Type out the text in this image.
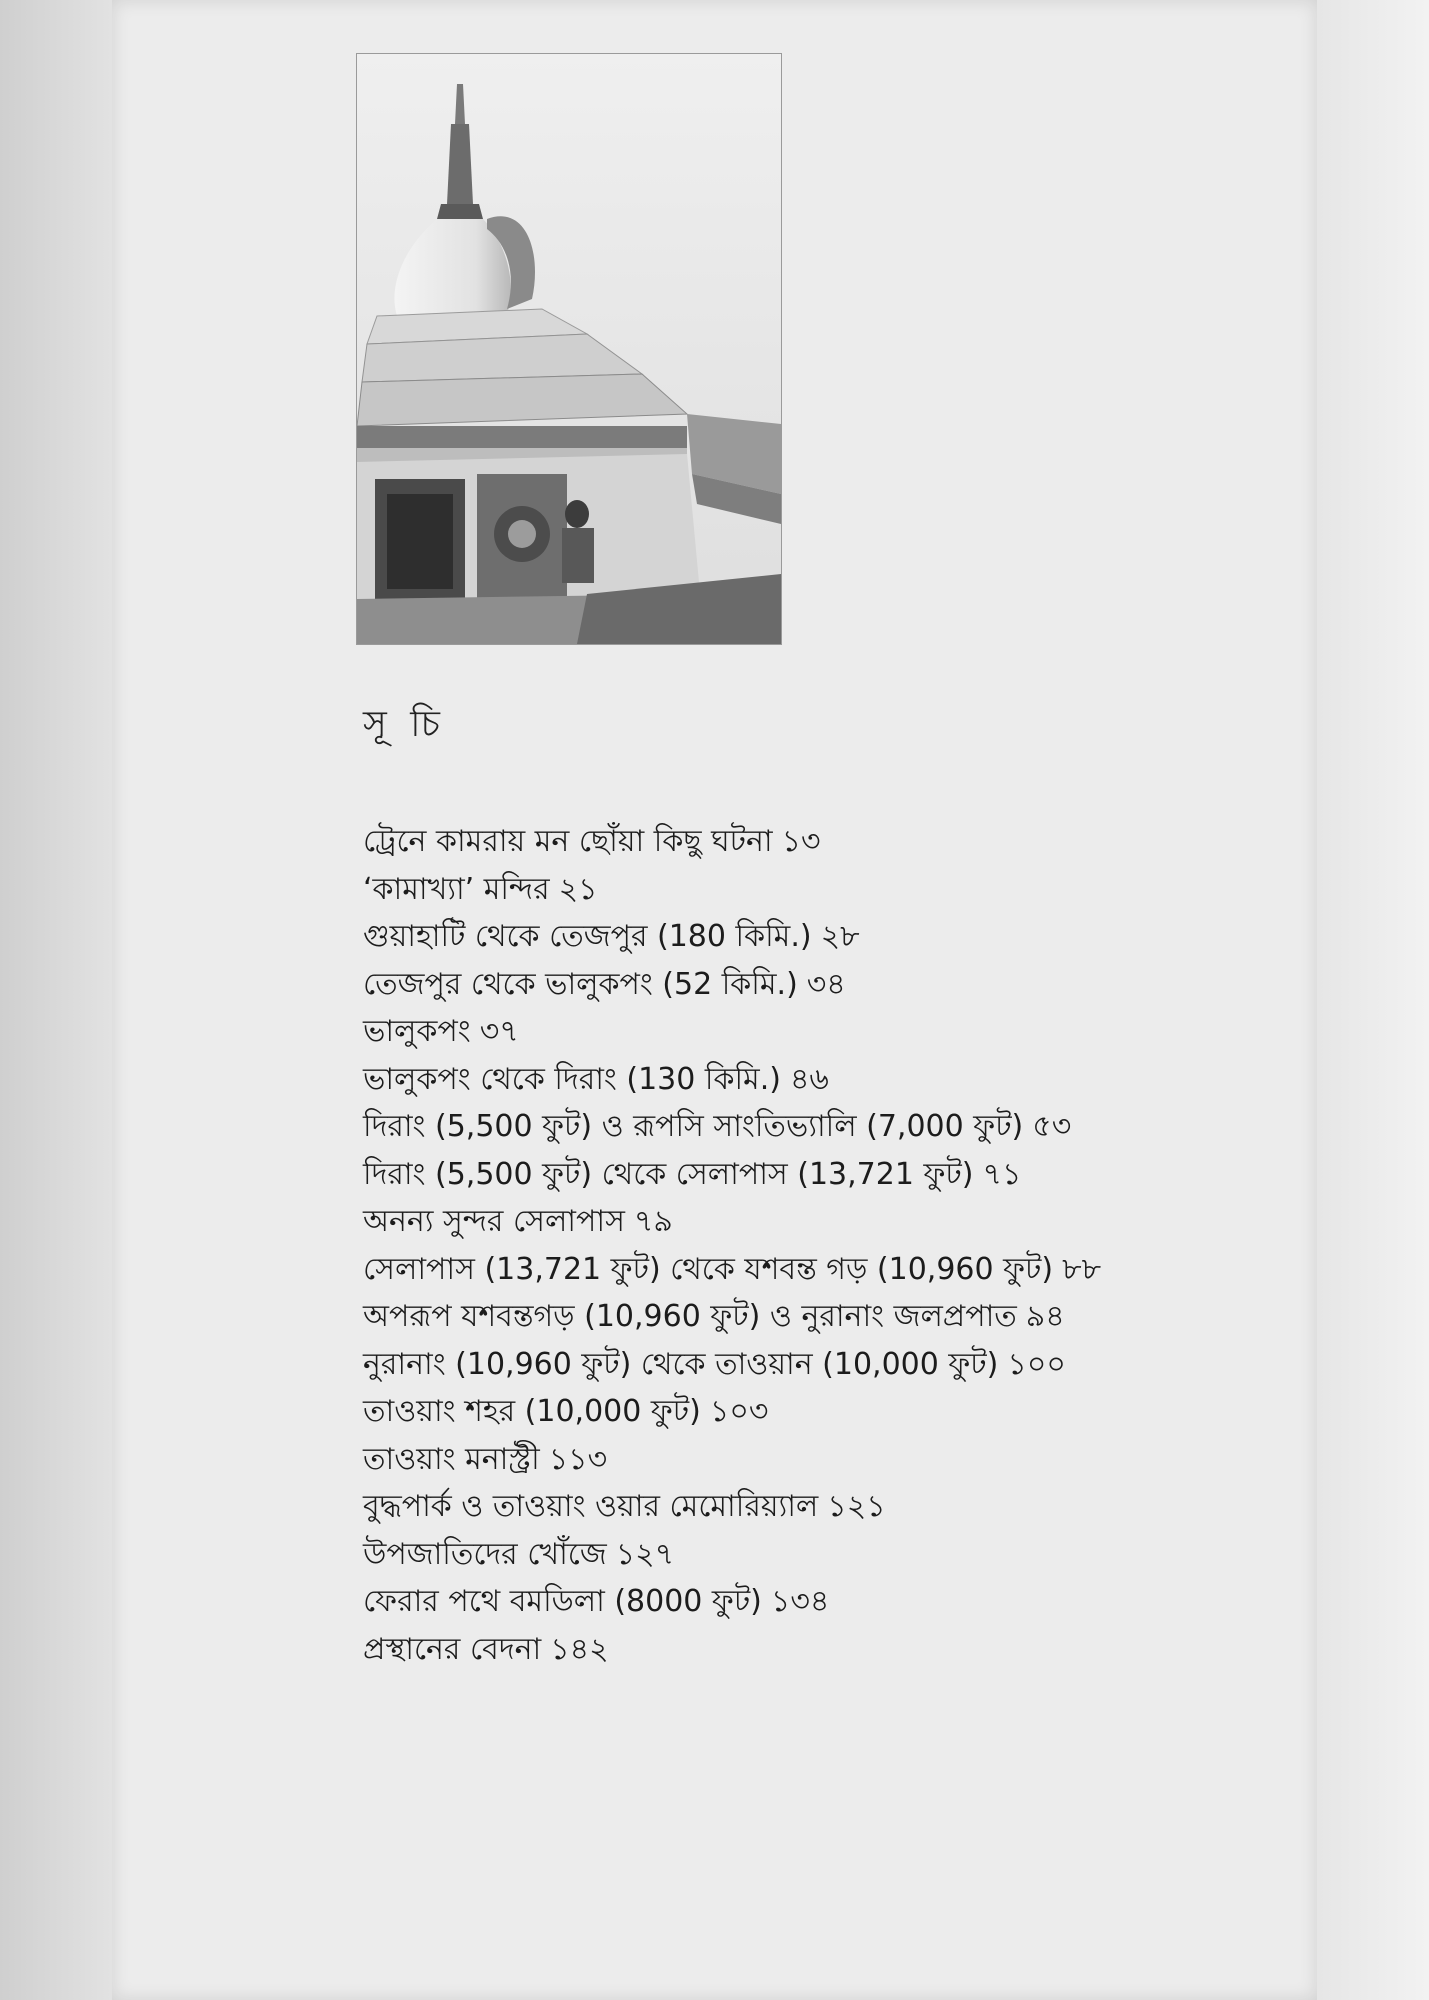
সূ চি
ট্রেনে কামরায় মন ছোঁয়া কিছু ঘটনা ১৩
‘কামাখ্যা’ মন্দির ২১
গুয়াহাটি থেকে তেজপুর (180 কিমি.) ২৮
তেজপুর থেকে ভালুকপং (52 কিমি.) ৩৪
ভালুকপং ৩৭
ভালুকপং থেকে দিরাং (130 কিমি.) ৪৬
দিরাং (5,500 ফুট) ও রূপসি সাংতিভ্যালি (7,000 ফুট) ৫৩
দিরাং (5,500 ফুট) থেকে সেলাপাস (13,721 ফুট) ৭১
অনন্য সুন্দর সেলাপাস ৭৯
সেলাপাস (13,721 ফুট) থেকে যশবন্ত গড় (10,960 ফুট) ৮৮
অপরূপ যশবন্তগড় (10,960 ফুট) ও নুরানাং জলপ্রপাত ৯৪
নুরানাং (10,960 ফুট) থেকে তাওয়ান (10,000 ফুট) ১০০
তাওয়াং শহর (10,000 ফুট) ১০৩
তাওয়াং মনাস্ট্রী ১১৩
বুদ্ধপার্ক ও তাওয়াং ওয়ার মেমোরিয়্যাল ১২১
উপজাতিদের খোঁজে ১২৭
ফেরার পথে বমডিলা (8000 ফুট) ১৩৪
প্রস্থানের বেদনা ১৪২
